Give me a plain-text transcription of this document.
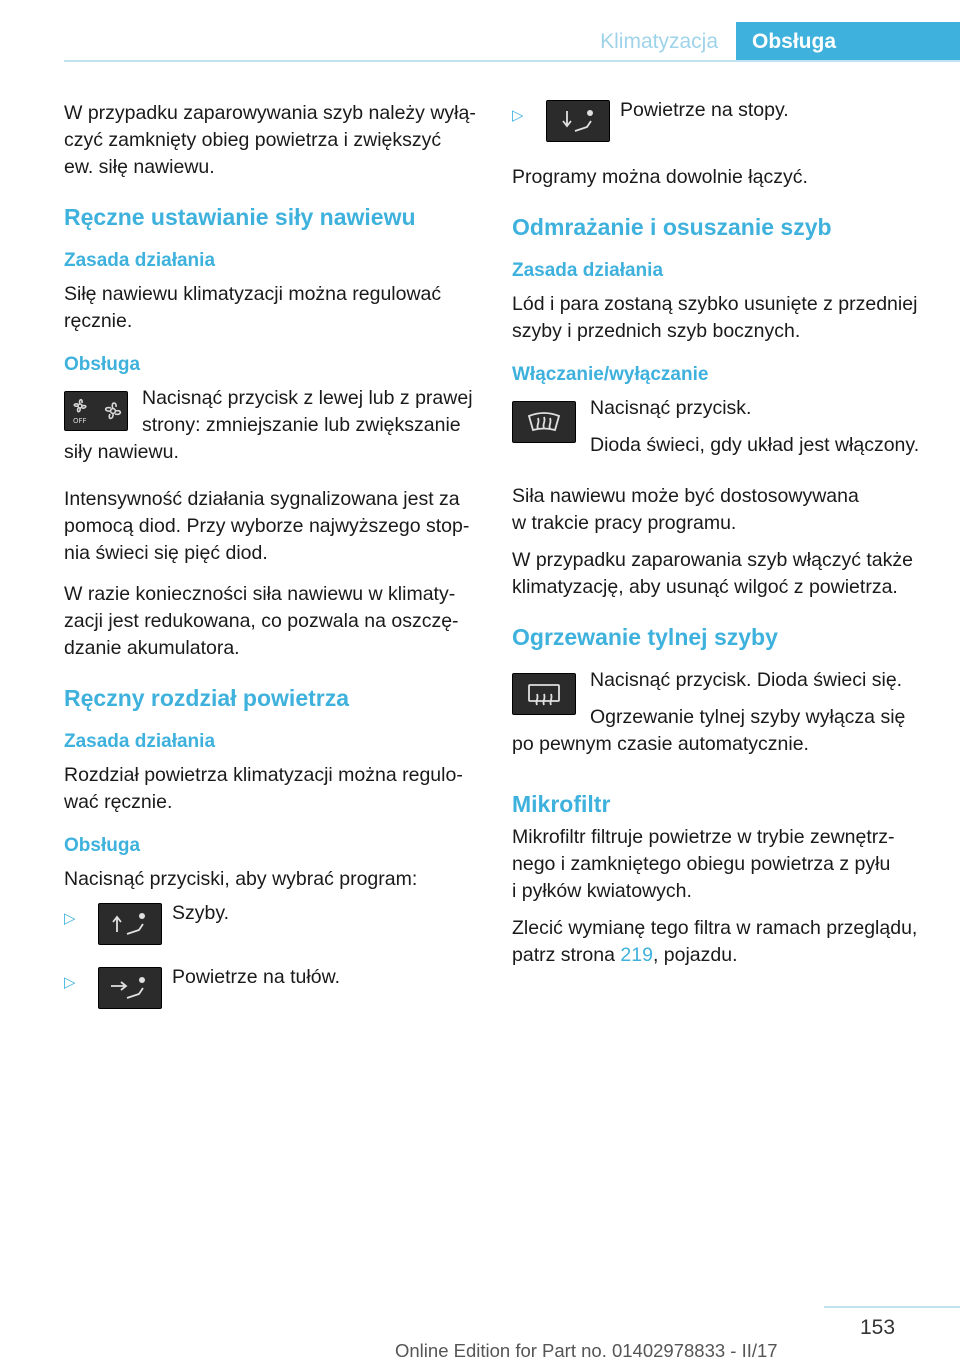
Klimatyzacja	Obsługa

W przypadku zaparowywania szyb należy wyłą‐
czyć zamknięty obieg powietrza i zwiększyć
ew. siłę nawiewu.

Ręczne ustawianie siły nawiewu
Zasada działania

Siłę nawiewu klimatyzacji można regulować
ręcznie.

Obsługa
OFF

Nacisnąć przycisk z lewej lub z prawej
strony: zmniejszanie lub zwiększanie
siły nawiewu.

Intensywność działania sygnalizowana jest za
pomocą diod. Przy wyborze najwyższego stop‐
nia świeci się pięć diod.

W razie konieczności siła nawiewu w klimaty‐
zacji jest redukowana, co pozwala na oszczę‐
dzanie akumulatora.

Ręczny rozdział powietrza
Zasada działania

Rozdział powietrza klimatyzacji można regulo‐
wać ręcznie.

Obsługa

Nacisnąć przyciski, aby wybrać program:

▷	Szyby.
▷	Powietrze na tułów.
▷	Powietrze na stopy.

Programy można dowolnie łączyć.

Odmrażanie i osuszanie szyb
Zasada działania

Lód i para zostaną szybko usunięte z przedniej
szyby i przednich szyb bocznych.

Włączanie/wyłączanie

Nacisnąć przycisk.

Dioda świeci, gdy układ jest włączony.

Siła nawiewu może być dostosowywana
w trakcie pracy programu.

W przypadku zaparowania szyb włączyć także
klimatyzację, aby usunąć wilgoć z powietrza.

Ogrzewanie tylnej szyby

Nacisnąć przycisk. Dioda świeci się.

Ogrzewanie tylnej szyby wyłącza się
po pewnym czasie automatycznie.

Mikrofiltr

Mikrofiltr filtruje powietrze w trybie zewnętrz‐
nego i zamkniętego obiegu powietrza z pyłu
i pyłków kwiatowych.

Zlecić wymianę tego filtra w ramach przeglądu,
patrz strona 219, pojazdu.

153
Online Edition for Part no. 01402978833 - II/17
